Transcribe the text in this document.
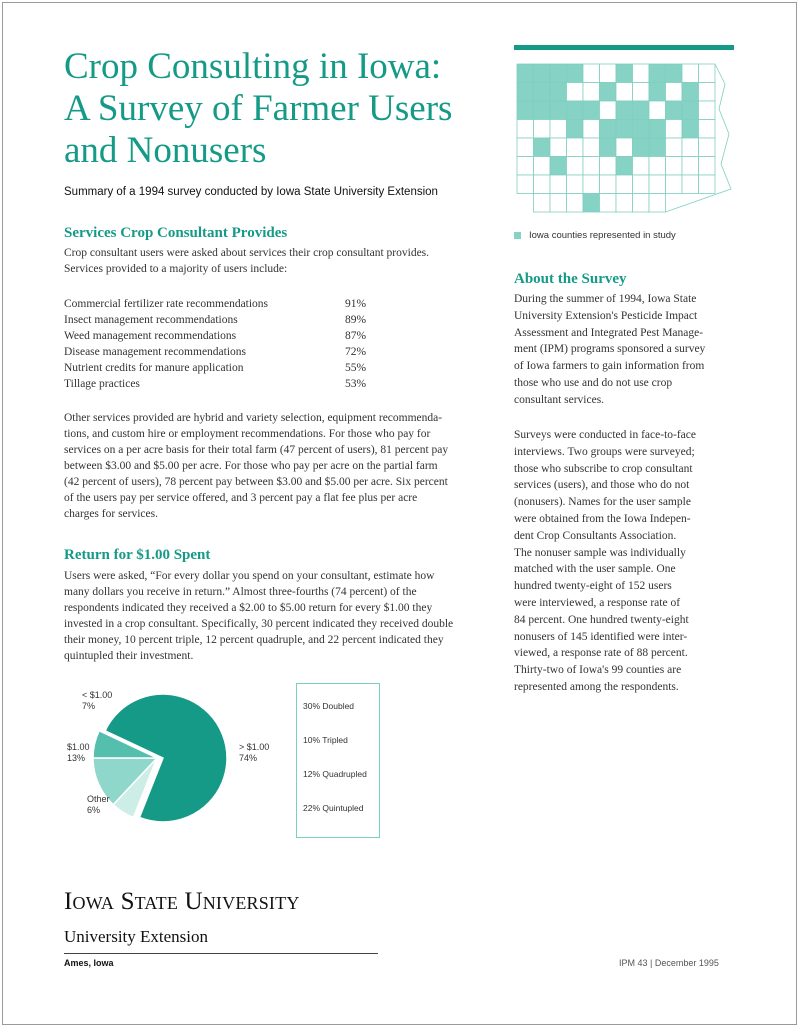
Crop Consulting in Iowa:
A Survey of Farmer Users
and Nonusers
Summary of a 1994 survey conducted by Iowa State University Extension
Services Crop Consultant Provides
Crop consultant users were asked about services their crop consultant provides.
Services provided to a majority of users include:
Commercial fertilizer rate recommendations	91%
Insect management recommendations	89%
Weed management recommendations	87%
Disease management recommendations	72%
Nutrient credits for manure application	55%
Tillage practices	53%
Other services provided are hybrid and variety selection, equipment recommenda-
tions, and custom hire or employment recommendations. For those who pay for
services on a per acre basis for their total farm (47 percent of users), 81 percent pay
between $3.00 and $5.00 per acre. For those who pay per acre on the partial farm
(42 percent of users), 78 percent pay between $3.00 and $5.00 per acre. Six percent
of the users pay per service offered, and 3 percent pay a flat fee plus per acre
charges for services.
Return for $1.00 Spent
Users were asked, “For every dollar you spend on your consultant, estimate how
many dollars you receive in return.” Almost three-fourths (74 percent) of the
respondents indicated they received a $2.00 to $5.00 return for every $1.00 they
invested in a crop consultant. Specifically, 30 percent indicated they received double
their money, 10 percent triple, 12 percent quadruple, and 22 percent indicated they
quintupled their investment.
> $1.00
74%
Other
6%
$1.00
13%
< $1.00
7%	30% Doubled
10% Tripled
12% Quadrupled
22% Quintupled
Iowa counties represented in study
About the Survey
During the summer of 1994, Iowa State
University Extension's Pesticide Impact
Assessment and Integrated Pest Manage-
ment (IPM) programs sponsored a survey
of Iowa farmers to gain information from
those who use and do not use crop
consultant services.
Surveys were conducted in face-to-face
interviews. Two groups were surveyed;
those who subscribe to crop consultant
services (users), and those who do not
(nonusers). Names for the user sample
were obtained from the Iowa Indepen-
dent Crop Consultants Association.
The nonuser sample was individually
matched with the user sample. One
hundred twenty-eight of 152 users
were interviewed, a response rate of
84 percent. One hundred twenty-eight
nonusers of 145 identified were inter-
viewed, a response rate of 88 percent.
Thirty-two of Iowa's 99 counties are
represented among the respondents.
Iowa State University
University Extension
Ames, Iowa	IPM 43 | December 1995
